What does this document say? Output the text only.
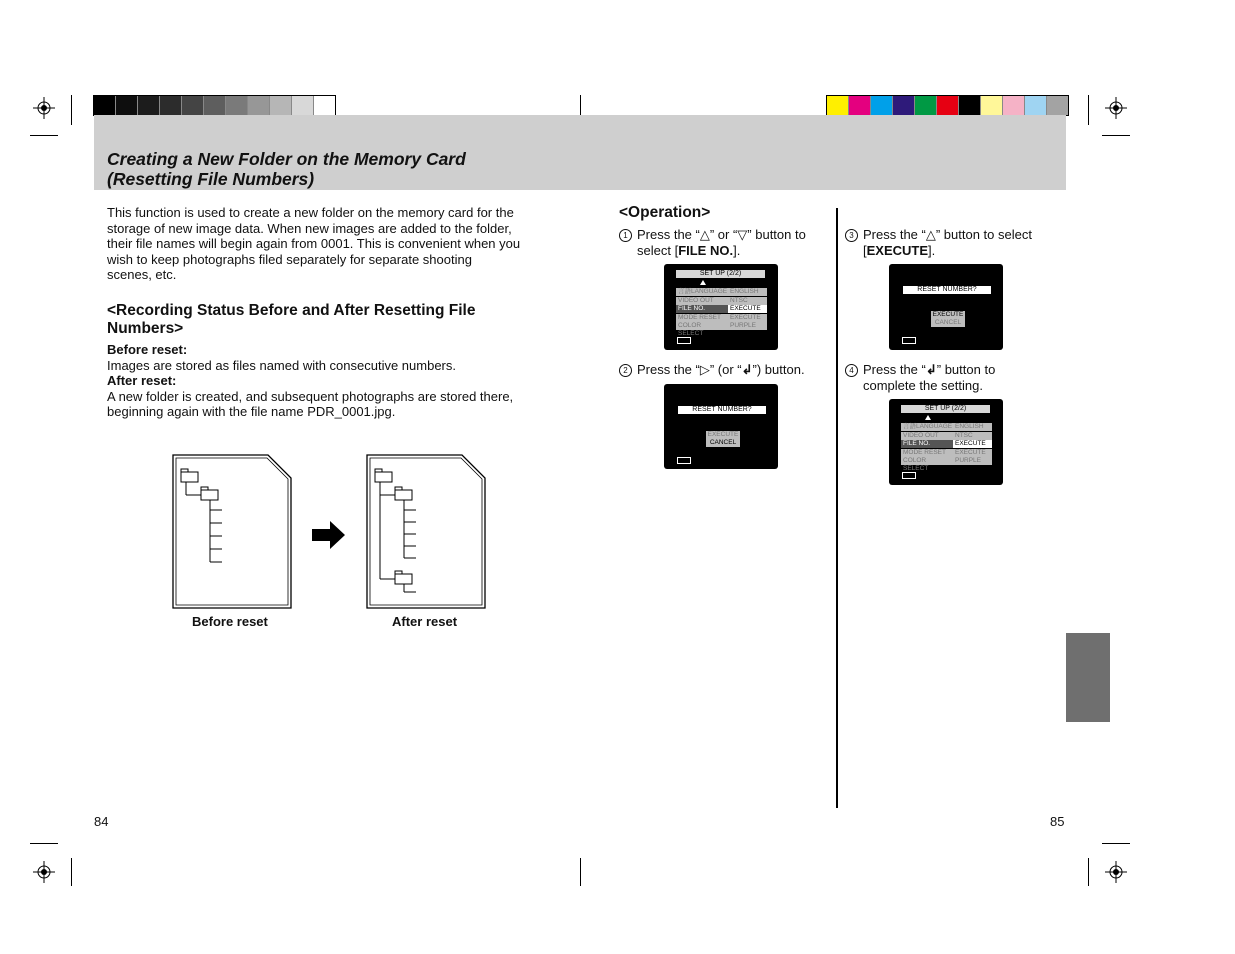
Creating a New Folder on the Memory Card
(Resetting File Numbers)
This function is used to create a new folder on the memory card for the
storage of new image data. When new images are added to the folder,
their file names will begin again from 0001. This is convenient when you
wish to keep photographs filed separately for separate shooting
scenes, etc.
<Recording Status Before and After Resetting File
Numbers>
Before reset:
Images are stored as files named with consecutive numbers.
After reset:
A new folder is created, and subsequent photographs are stored there,
beginning again with the file name PDR_0001.jpg.
Before reset	After reset
<Operation>
1 Press the “△” or “▽” button to
select [FILE NO.].
2 Press the “▷” (or “↲”) button.
3 Press the “△” button to select
[EXECUTE].
4 Press the “↲” button to
complete the setting.
SET UP (2/2)
言語LANGUAGE ENGLISH
VIDEO OUT	NTSC
FILE NO.	EXECUTE
MODE RESET	EXECUTE
COLOR SELECT
PURPLE
RESET NUMBER?
EXECUTE
CANCEL
RESET NUMBER?
EXECUTE
CANCEL
SET UP (2/2)
言語LANGUAGE ENGLISH
VIDEO OUT	NTSC
FILE NO.	EXECUTE
MODE RESET	EXECUTE
COLOR SELECT
PURPLE
84	85
